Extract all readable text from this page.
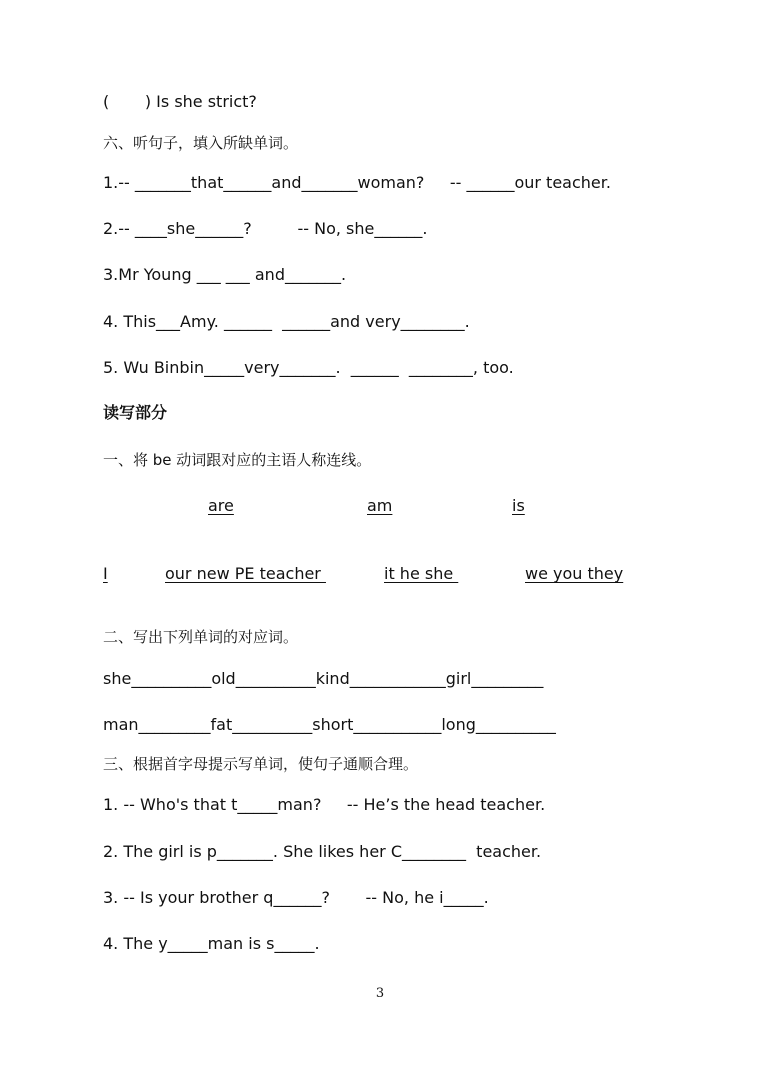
(       ) Is she strict?
六、听句子，填入所缺单词。
1.-- _______that______and_______woman?     -- ______our teacher.
2.-- ____she______?         -- No, she______.
3.Mr Young ___ ___ and_______.
4. This___Amy. ______  ______and very________.
5. Wu Binbin_____very_______.  ______  ________, too.
读写部分
一、将 be 动词跟对应的主语人称连线。
are	am	is
I	our new PE teacher	it he she	we you they
二、写出下列单词的对应词。
she__________old__________kind____________girl_________
man_________fat__________short___________long__________
三、根据首字母提示写单词，使句子通顺合理。
1. -- Who's that t_____man?     -- He’s the head teacher.
2. The girl is p_______. She likes her C________  teacher.
3. -- Is your brother q______?       -- No, he i_____.
4. The y_____man is s_____.
3
